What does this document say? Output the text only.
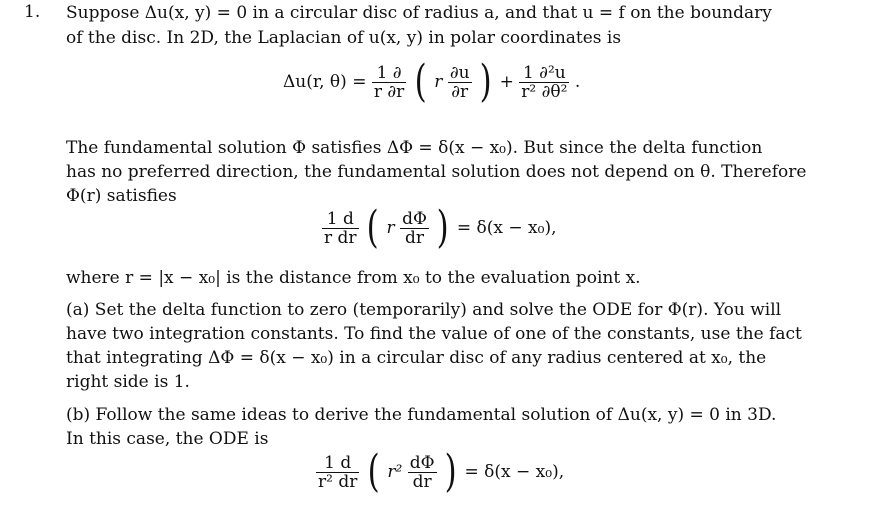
1. Suppose Δu(x, y) = 0 in a circular disc of radius a, and that u = f on the boundary
of the disc. In 2D, the Laplacian of u(x, y) in polar coordinates is
Δu(r, $\theta) = \frac{1 \partial}{r \partial r}$ ( r $\frac{\partial u}{\partial r}$ ) + $\frac{\text{1 ∂²u}}{\text{r² ∂θ²}}$ .
The fundamental solution Φ satisfies ΔΦ = δ(x − x₀). But since the delta function
has no preferred direction, the fundamental solution does not depend on θ. Therefore
Φ(r) satisfies
$\frac{1 d}{\text{r dr}}$ ( r $\frac{d\Phi}{dr}$ ) = δ(x − x₀),
where r = |x − x₀| is the distance from x₀ to the evaluation point x.
(a) Set the delta function to zero (temporarily) and solve the ODE for Φ(r). You will
have two integration constants. To find the value of one of the constants, use the fact
that integrating ΔΦ = δ(x − x₀) in a circular disc of any radius centered at x₀, the
right side is 1.
(b) Follow the same ideas to derive the fundamental solution of Δu(x, y) = 0 in 3D.
In this case, the ODE is
$\frac{1 d}{\text{r² dr}}$ ( $r^2 \frac{d\Phi}{dr}$ ) = δ(x − x₀),
